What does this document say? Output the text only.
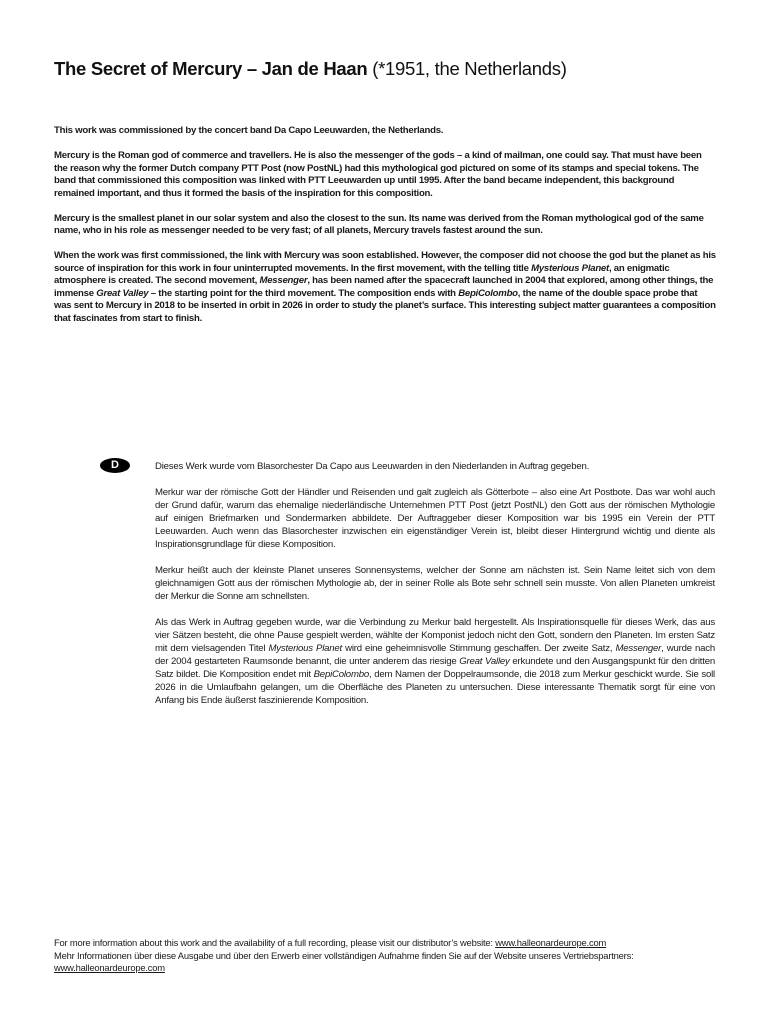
The Secret of Mercury – Jan de Haan (*1951, the Netherlands)

This work was commissioned by the concert band Da Capo Leeuwarden, the Netherlands.

Mercury is the Roman god of commerce and travellers. He is also the messenger of the gods – a kind of mailman, one could say. That must have been the reason why the former Dutch company PTT Post (now PostNL) had this mythological god pictured on some of its stamps and special tokens. The band that commissioned this composition was linked with PTT Leeuwarden up until 1995. After the band became independent, this background remained important, and thus it formed the basis of the inspiration for this composition.

Mercury is the smallest planet in our solar system and also the closest to the sun. Its name was derived from the Roman mythological god of the same name, who in his role as messenger needed to be very fast; of all planets, Mercury travels fastest around the sun.

When the work was first commissioned, the link with Mercury was soon established. However, the composer did not choose the god but the planet as his source of inspiration for this work in four uninterrupted movements. In the first movement, with the telling title Mysterious Planet, an enigmatic atmosphere is created. The second movement, Messenger, has been named after the spacecraft launched in 2004 that explored, among other things, the immense Great Valley – the starting point for the third movement. The composition ends with BepiColombo, the name of the double space probe that was sent to Mercury in 2018 to be inserted in orbit in 2026 in order to study the planet’s surface. This interesting subject matter guarantees a composition that fascinates from start to finish.

D	Dieses Werk wurde vom Blasorchester Da Capo aus Leeuwarden in den Niederlanden in Auftrag gegeben.

Merkur war der römische Gott der Händler und Reisenden und galt zugleich als Götterbote – also eine Art Postbote. Das war wohl auch der Grund dafür, warum das ehemalige niederländische Unternehmen PTT Post (jetzt PostNL) den Gott aus der römischen Mythologie auf einigen Briefmarken und Sondermarken abbildete. Der Auftraggeber dieser Komposition war bis 1995 ein Verein der PTT Leeuwarden. Auch wenn das Blasorchester inzwischen ein eigenständiger Verein ist, bleibt dieser Hintergrund wichtig und diente als Inspirationsgrundlage für diese Komposition.

Merkur heißt auch der kleinste Planet unseres Sonnensystems, welcher der Sonne am nächsten ist. Sein Name leitet sich von dem gleichnamigen Gott aus der römischen Mythologie ab, der in seiner Rolle als Bote sehr schnell sein musste. Von allen Planeten umkreist der Merkur die Sonne am schnellsten.

Als das Werk in Auftrag gegeben wurde, war die Verbindung zu Merkur bald hergestellt. Als Inspirationsquelle für dieses Werk, das aus vier Sätzen besteht, die ohne Pause gespielt werden, wählte der Komponist jedoch nicht den Gott, sondern den Planeten. Im ersten Satz mit dem vielsagenden Titel Mysterious Planet wird eine geheimnisvolle Stimmung geschaffen. Der zweite Satz, Messenger, wurde nach der 2004 gestarteten Raumsonde benannt, die unter anderem das riesige Great Valley erkundete und den Ausgangspunkt für den dritten Satz bildet. Die Komposition endet mit BepiColombo, dem Namen der Doppelraumsonde, die 2018 zum Merkur geschickt wurde. Sie soll 2026 in die Umlaufbahn gelangen, um die Oberfläche des Planeten zu untersuchen. Diese interessante Thematik sorgt für eine von Anfang bis Ende äußerst faszinierende Komposition.

For more information about this work and the availability of a full recording, please visit our distributor’s website: www.halleonardeurope.com
Mehr Informationen über diese Ausgabe und über den Erwerb einer vollständigen Aufnahme finden Sie auf der Website unseres Vertriebspartners: www.halleonardeurope.com
